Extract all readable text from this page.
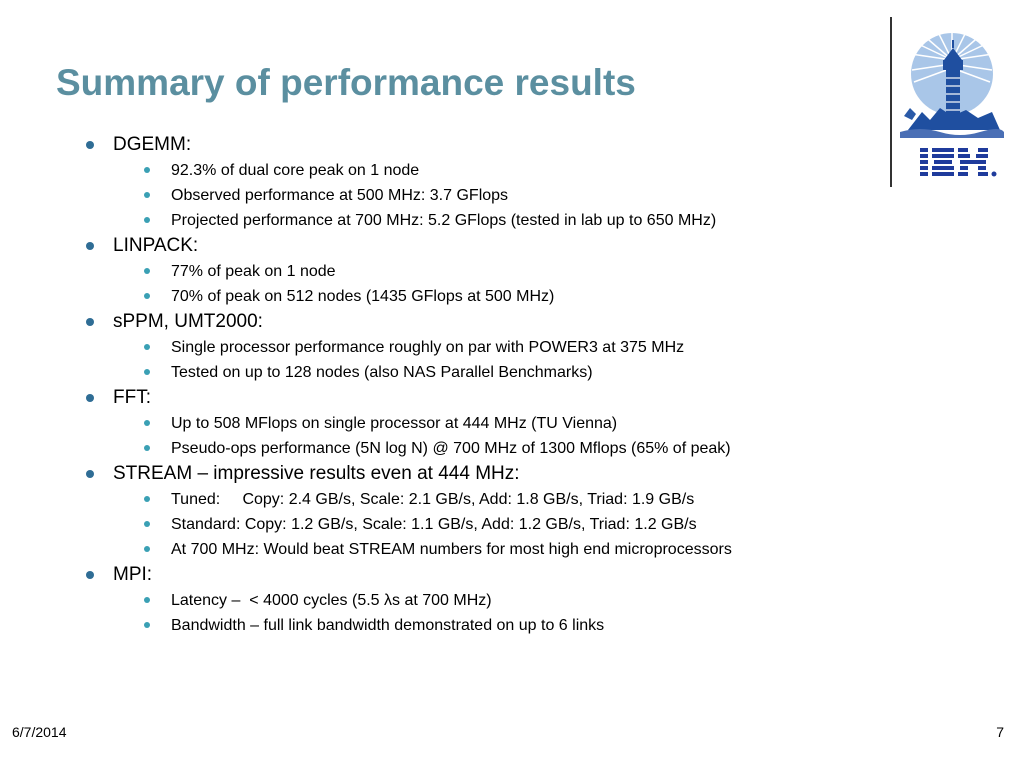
Summary of performance results
DGEMM:
92.3% of dual core peak on 1 node
Observed performance at 500 MHz: 3.7 GFlops
Projected performance at 700 MHz: 5.2 GFlops (tested in lab up to 650 MHz)
LINPACK:
77% of peak on 1 node
70% of peak on 512 nodes (1435 GFlops at 500 MHz)
sPPM, UMT2000:
Single processor performance roughly on par with POWER3 at 375 MHz
Tested on up to 128 nodes (also NAS Parallel Benchmarks)
FFT:
Up to 508 MFlops on single processor at 444 MHz (TU Vienna)
Pseudo-ops performance (5N log N) @ 700 MHz of 1300 Mflops (65% of peak)
STREAM – impressive results even at 444 MHz:
Tuned:     Copy: 2.4 GB/s, Scale: 2.1 GB/s, Add: 1.8 GB/s, Triad: 1.9 GB/s
Standard: Copy: 1.2 GB/s, Scale: 1.1 GB/s, Add: 1.2 GB/s, Triad: 1.2 GB/s
At 700 MHz: Would beat STREAM numbers for most high end microprocessors
MPI:
Latency –  < 4000 cycles (5.5 λs at 700 MHz)
Bandwidth – full link bandwidth demonstrated on up to 6 links
6/7/2014	7
